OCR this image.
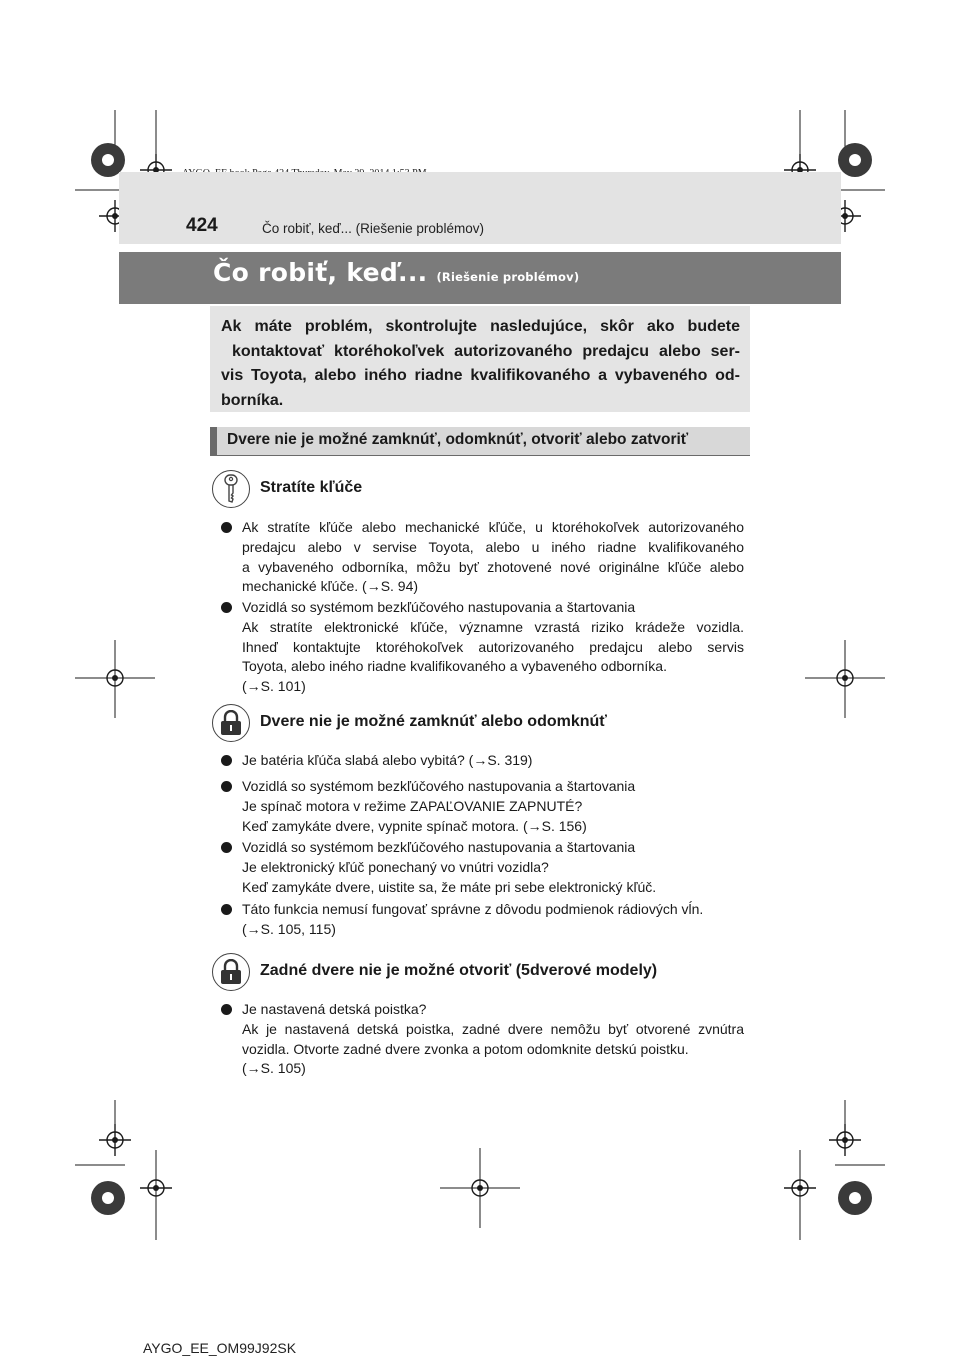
424	Čo robiť, keď... (Riešenie problémov)
Čo robiť, keď... (Riešenie problémov)
Ak máte problém, skontrolujte nasledujúce, skôr ako budete
kontaktovať ktoréhokoľvek autorizovaného predajcu alebo ser-
vis Toyota, alebo iného riadne kvalifikovaného a vybaveného od-
borníka.
Dvere nie je možné zamknúť, odomknúť, otvoriť alebo zatvoriť
Stratíte kľúče
Ak stratíte kľúče alebo mechanické kľúče, u ktoréhokoľvek autorizovaného
predajcu alebo v servise Toyota, alebo u iného riadne kvalifikovaného
a vybaveného odborníka, môžu byť zhotovené nové originálne kľúče alebo
mechanické kľúče. (→S. 94)
Vozidlá so systémom bezkľúčového nastupovania a štartovania
Ak stratíte elektronické kľúče, významne vzrastá riziko krádeže vozidla.
Ihneď kontaktujte ktoréhokoľvek autorizovaného predajcu alebo servis
Toyota, alebo iného riadne kvalifikovaného a vybaveného odborníka.
(→S. 101)
Dvere nie je možné zamknúť alebo odomknúť
Je batéria kľúča slabá alebo vybitá? (→S. 319)
Vozidlá so systémom bezkľúčového nastupovania a štartovania
Je spínač motora v režime ZAPAĽOVANIE ZAPNUTÉ?
Keď zamykáte dvere, vypnite spínač motora. (→S. 156)
Vozidlá so systémom bezkľúčového nastupovania a štartovania
Je elektronický kľúč ponechaný vo vnútri vozidla?
Keď zamykáte dvere, uistite sa, že máte pri sebe elektronický kľúč.
Táto funkcia nemusí fungovať správne z dôvodu podmienok rádiových vĺn.
(→S. 105, 115)
Zadné dvere nie je možné otvoriť (5dverové modely)
Je nastavená detská poistka?
Ak je nastavená detská poistka, zadné dvere nemôžu byť otvorené zvnútra
vozidla. Otvorte zadné dvere zvonka a potom odomknite detskú poistku.
(→S. 105)
AYGO_EE_OM99J92SK
